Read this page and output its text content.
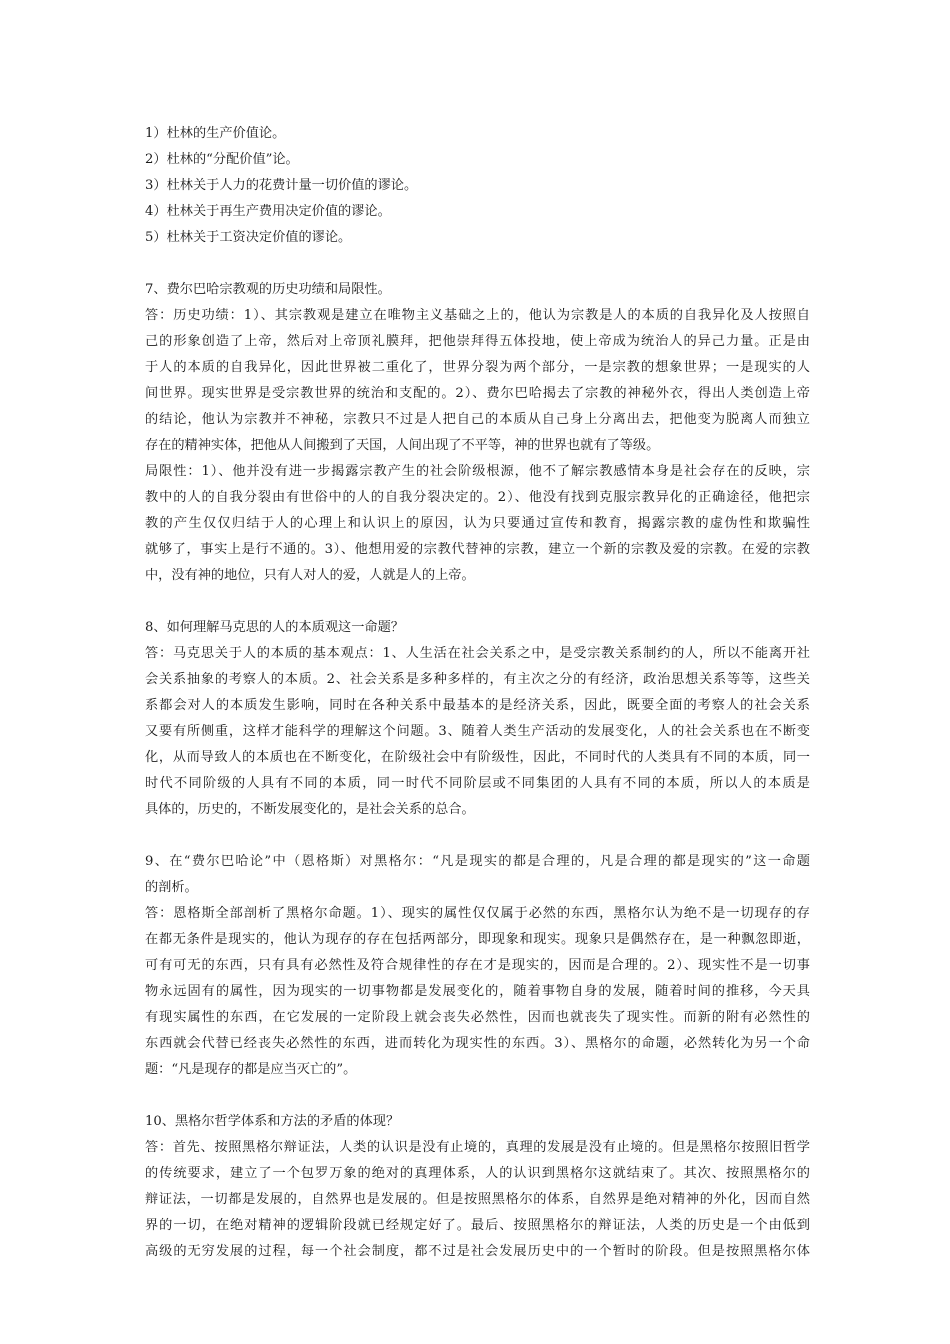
1）杜林的生产价值论。
2）杜林的“分配价值”论。
3）杜林关于人力的花费计量一切价值的谬论。
4）杜林关于再生产费用决定价值的谬论。
5）杜林关于工资决定价值的谬论。
7、费尔巴哈宗教观的历史功绩和局限性。
答：历史功绩：1）、其宗教观是建立在唯物主义基础之上的，他认为宗教是人的本质的自我异化及人按照自
己的形象创造了上帝，然后对上帝顶礼膜拜，把他崇拜得五体投地，使上帝成为统治人的异己力量。正是由
于人的本质的自我异化，因此世界被二重化了，世界分裂为两个部分，一是宗教的想象世界；一是现实的人
间世界。现实世界是受宗教世界的统治和支配的。2）、费尔巴哈揭去了宗教的神秘外衣，得出人类创造上帝
的结论，他认为宗教并不神秘，宗教只不过是人把自己的本质从自己身上分离出去，把他变为脱离人而独立
存在的精神实体，把他从人间搬到了天国，人间出现了不平等，神的世界也就有了等级。
局限性：1）、他并没有进一步揭露宗教产生的社会阶级根源，他不了解宗教感情本身是社会存在的反映，宗
教中的人的自我分裂由有世俗中的人的自我分裂决定的。2）、他没有找到克服宗教异化的正确途径，他把宗
教的产生仅仅归结于人的心理上和认识上的原因，认为只要通过宣传和教育，揭露宗教的虚伪性和欺骗性
就够了，事实上是行不通的。3）、他想用爱的宗教代替神的宗教，建立一个新的宗教及爱的宗教。在爱的宗教
中，没有神的地位，只有人对人的爱，人就是人的上帝。
8、如何理解马克思的人的本质观这一命题？
答：马克思关于人的本质的基本观点：1、人生活在社会关系之中，是受宗教关系制约的人，所以不能离开社
会关系抽象的考察人的本质。2、社会关系是多种多样的，有主次之分的有经济，政治思想关系等等，这些关
系都会对人的本质发生影响，同时在各种关系中最基本的是经济关系，因此，既要全面的考察人的社会关系
又要有所侧重，这样才能科学的理解这个问题。3、随着人类生产活动的发展变化，人的社会关系也在不断变
化，从而导致人的本质也在不断变化，在阶级社会中有阶级性，因此，不同时代的人类具有不同的本质，同一
时代不同阶级的人具有不同的本质，同一时代不同阶层或不同集团的人具有不同的本质，所以人的本质是
具体的，历史的，不断发展变化的，是社会关系的总合。
9、在“费尔巴哈论”中（恩格斯）对黑格尔：“凡是现实的都是合理的，凡是合理的都是现实的”这一命题
的剖析。
答：恩格斯全部剖析了黑格尔命题。1）、现实的属性仅仅属于必然的东西，黑格尔认为绝不是一切现存的存
在都无条件是现实的，他认为现存的存在包括两部分，即现象和现实。现象只是偶然存在，是一种飘忽即逝，
可有可无的东西，只有具有必然性及符合规律性的存在才是现实的，因而是合理的。2）、现实性不是一切事
物永远固有的属性，因为现实的一切事物都是发展变化的，随着事物自身的发展，随着时间的推移，今天具
有现实属性的东西，在它发展的一定阶段上就会丧失必然性，因而也就丧失了现实性。而新的附有必然性的
东西就会代替已经丧失必然性的东西，进而转化为现实性的东西。3）、黑格尔的命题，必然转化为另一个命
题：“凡是现存的都是应当灭亡的”。
10、黑格尔哲学体系和方法的矛盾的体现？
答：首先、按照黑格尔辩证法，人类的认识是没有止境的，真理的发展是没有止境的。但是黑格尔按照旧哲学
的传统要求，建立了一个包罗万象的绝对的真理体系，人的认识到黑格尔这就结束了。其次、按照黑格尔的
辩证法，一切都是发展的，自然界也是发展的。但是按照黑格尔的体系，自然界是绝对精神的外化，因而自然
界的一切，在绝对精神的逻辑阶段就已经规定好了。最后、按照黑格尔的辩证法，人类的历史是一个由低到
高级的无穷发展的过程，每一个社会制度，都不过是社会发展历史中的一个暂时的阶段。但是按照黑格尔体
